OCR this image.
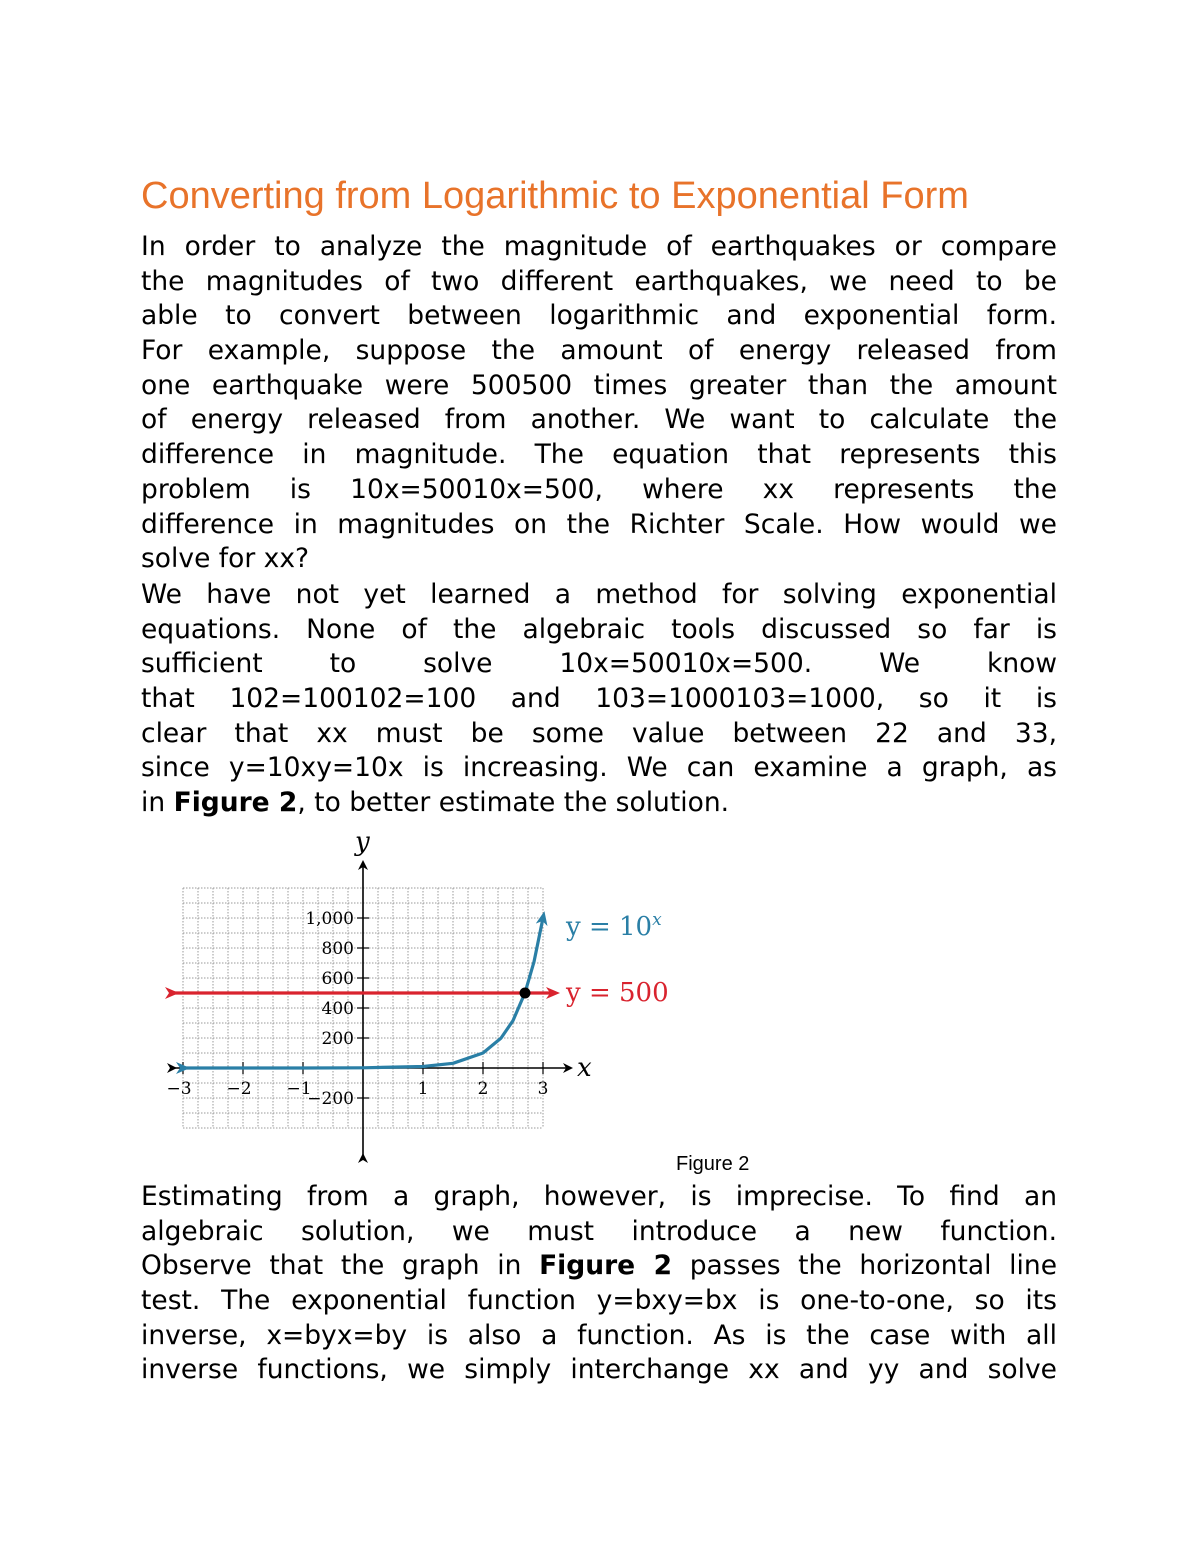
Converting from Logarithmic to Exponential Form
In order to analyze the magnitude of earthquakes or compare
the magnitudes of two different earthquakes, we need to be
able to convert between logarithmic and exponential form.
For example, suppose the amount of energy released from
one earthquake were 500500 times greater than the amount
of energy released from another. We want to calculate the
difference in magnitude. The equation that represents this
problem is 10x=50010x=500, where xx represents the
difference in magnitudes on the Richter Scale. How would we
solve for xx?
We have not yet learned a method for solving exponential
equations. None of the algebraic tools discussed so far is
sufficient to solve 10x=50010x=500. We know
that 102=100102=100 and 103=1000103=1000, so it is
clear that xx must be some value between 22 and 33,
since y=10xy=10x is increasing. We can examine a graph, as
in Figure 2, to better estimate the solution.
−3 −2 −1	1	2	3
1,000
800
600
400
200
−200
x
y
$y = 10^x$
y = 500
Figure 2
Estimating from a graph, however, is imprecise. To find an
algebraic solution, we must introduce a new function.
Observe that the graph in Figure 2 passes the horizontal line
test. The exponential function y=bxy=bx is one-to-one, so its
inverse, x=byx=by is also a function. As is the case with all
inverse functions, we simply interchange xx and yy and solve
